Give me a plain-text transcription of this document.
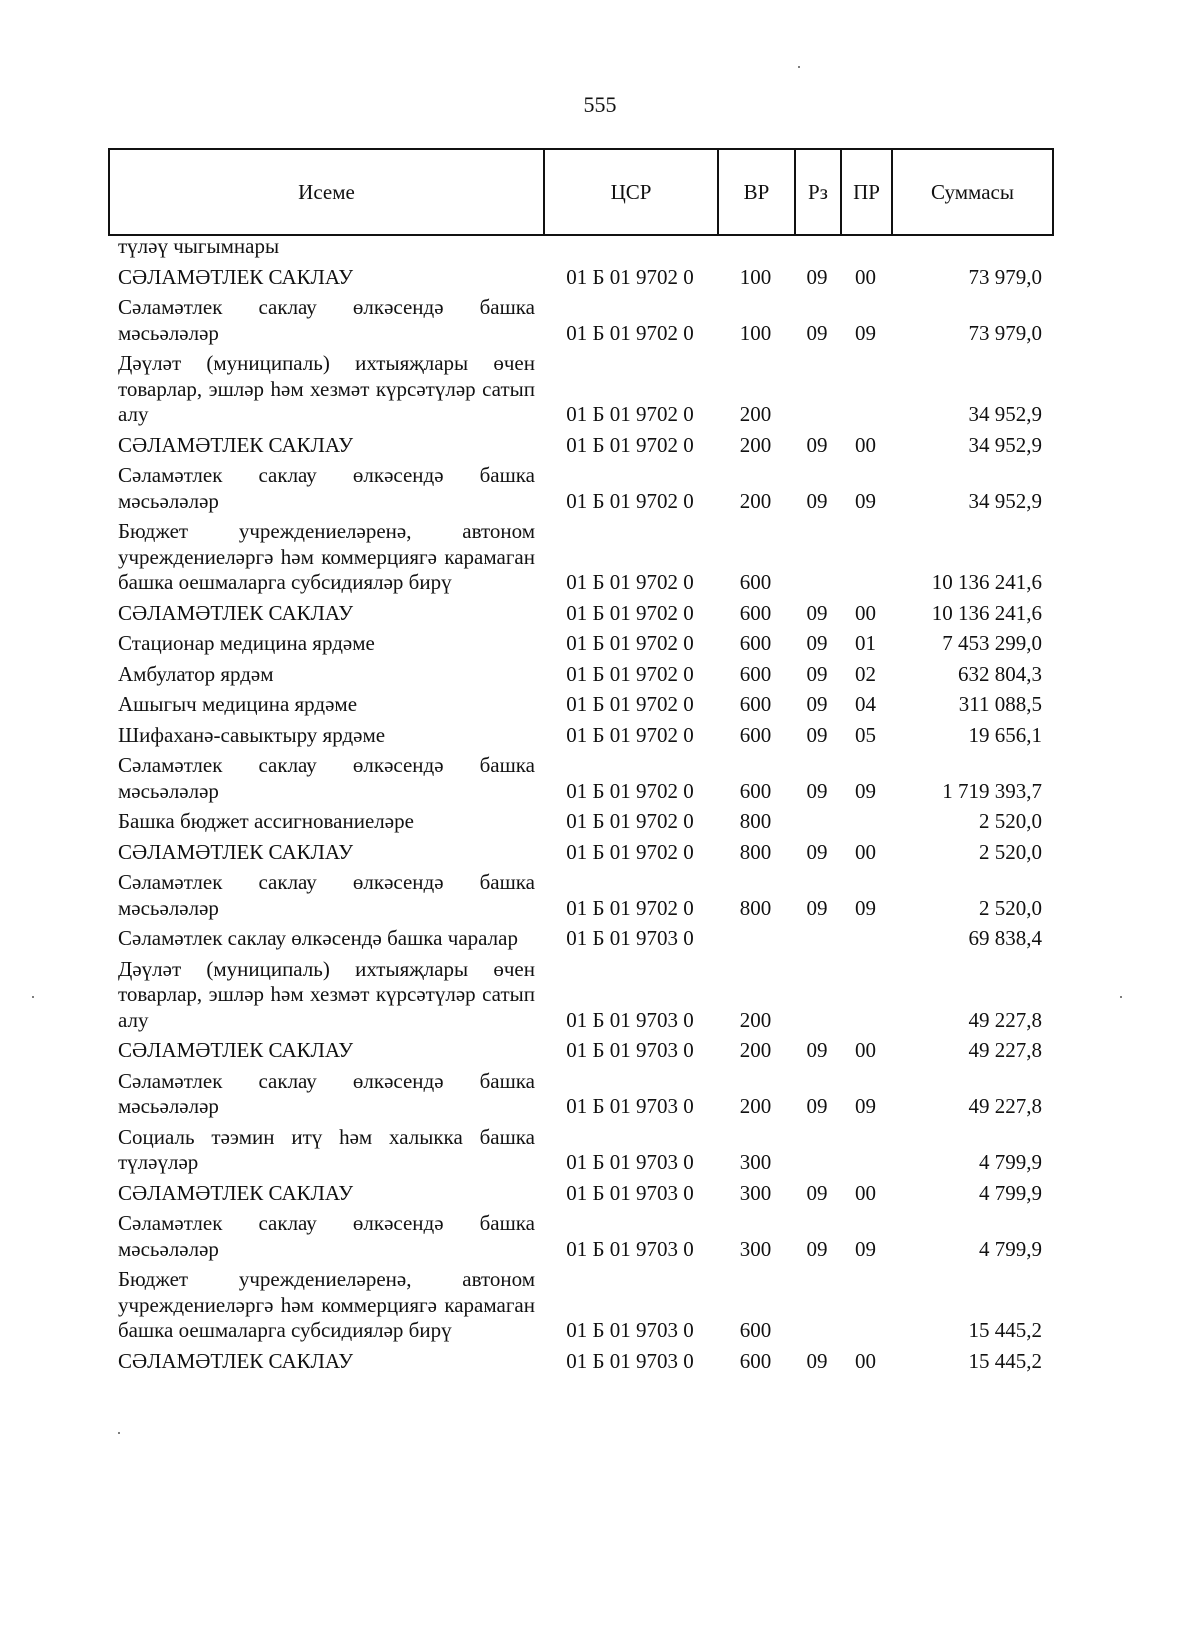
555
Исеме	ЦСР	ВР	Рз	ПР	Суммасы
түләү чыгымнары					
СӘЛАМӘТЛЕК САКЛАУ	01 Б 01 9702 0	100	09	00	73 979,0
Сәламәтлек саклау өлкәсендә башка мәсьәләләр	01 Б 01 9702 0	100	09	09	73 979,0
Дәүләт (муниципаль) ихтыяҗлары өчен товарлар, эшләр һәм хезмәт күрсәтүләр сатып алу	01 Б 01 9702 0	200			34 952,9
СӘЛАМӘТЛЕК САКЛАУ	01 Б 01 9702 0	200	09	00	34 952,9
Сәламәтлек саклау өлкәсендә башка мәсьәләләр	01 Б 01 9702 0	200	09	09	34 952,9
Бюджет учреждениеләренә, автоном учреждениеләргә һәм коммерциягә карамаган башка оешмаларга субсидияләр бирү	01 Б 01 9702 0	600			10 136 241,6
СӘЛАМӘТЛЕК САКЛАУ	01 Б 01 9702 0	600	09	00	10 136 241,6
Стационар медицина ярдәме	01 Б 01 9702 0	600	09	01	7 453 299,0
Амбулатор ярдәм	01 Б 01 9702 0	600	09	02	632 804,3
Ашыгыч медицина ярдәме	01 Б 01 9702 0	600	09	04	311 088,5
Шифаханә-савыктыру ярдәме	01 Б 01 9702 0	600	09	05	19 656,1
Сәламәтлек саклау өлкәсендә башка мәсьәләләр	01 Б 01 9702 0	600	09	09	1 719 393,7
Башка бюджет ассигнованиеләре	01 Б 01 9702 0	800			2 520,0
СӘЛАМӘТЛЕК САКЛАУ	01 Б 01 9702 0	800	09	00	2 520,0
Сәламәтлек саклау өлкәсендә башка мәсьәләләр	01 Б 01 9702 0	800	09	09	2 520,0
Сәламәтлек саклау өлкәсендә башка чаралар	01 Б 01 9703 0				69 838,4
Дәүләт (муниципаль) ихтыяҗлары өчен товарлар, эшләр һәм хезмәт күрсәтүләр сатып алу	01 Б 01 9703 0	200			49 227,8
СӘЛАМӘТЛЕК САКЛАУ	01 Б 01 9703 0	200	09	00	49 227,8
Сәламәтлек саклау өлкәсендә башка мәсьәләләр	01 Б 01 9703 0	200	09	09	49 227,8
Социаль тәэмин итү һәм халыкка башка түләүләр	01 Б 01 9703 0	300			4 799,9
СӘЛАМӘТЛЕК САКЛАУ	01 Б 01 9703 0	300	09	00	4 799,9
Сәламәтлек саклау өлкәсендә башка мәсьәләләр	01 Б 01 9703 0	300	09	09	4 799,9
Бюджет учреждениеләренә, автоном учреждениеләргә һәм коммерциягә карамаган башка оешмаларга субсидияләр бирү	01 Б 01 9703 0	600			15 445,2
СӘЛАМӘТЛЕК САКЛАУ	01 Б 01 9703 0	600	09	00	15 445,2
